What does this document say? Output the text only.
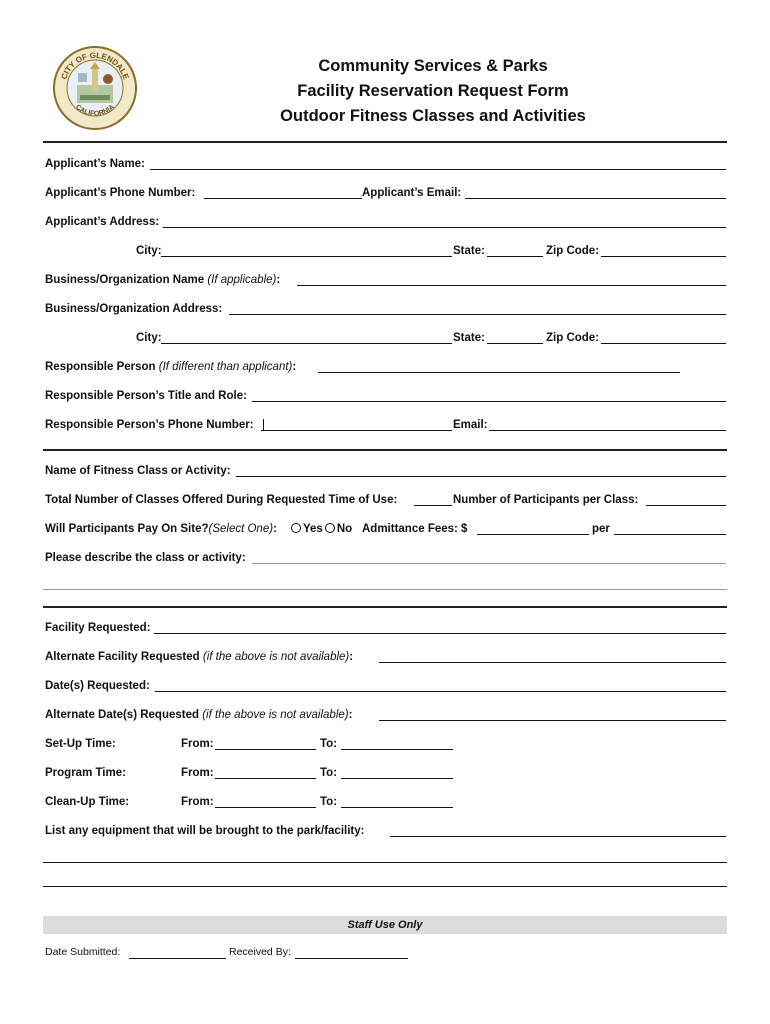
CITY OF GLENDALE
CALIFORNIA
Community Services & Parks
Facility Reservation Request Form
Outdoor Fitness Classes and Activities
Applicant’s Name:
Applicant’s Phone Number:	Applicant’s Email:
Applicant’s Address:
City:	State:	Zip Code:
Business/Organization Name (If applicable):
Business/Organization Address:
City:	State:	Zip Code:
Responsible Person (If different than applicant):
Responsible Person’s Title and Role:
Responsible Person’s Phone Number:	Email:
Name of Fitness Class or Activity:
Total Number of Classes Offered During Requested Time of Use:	Number of Participants per Class:
Will Participants Pay On Site?(Select One):	Yes No Admittance Fees: $	per
Please describe the class or activity:
Facility Requested:
Alternate Facility Requested (if the above is not available):
Date(s) Requested:
Alternate Date(s) Requested (if the above is not available):
Set-Up Time:	From:	To:
Program Time:	From:	To:
Clean-Up Time:	From:	To:
List any equipment that will be brought to the park/facility:
Staff Use Only
Date Submitted:	Received By:
